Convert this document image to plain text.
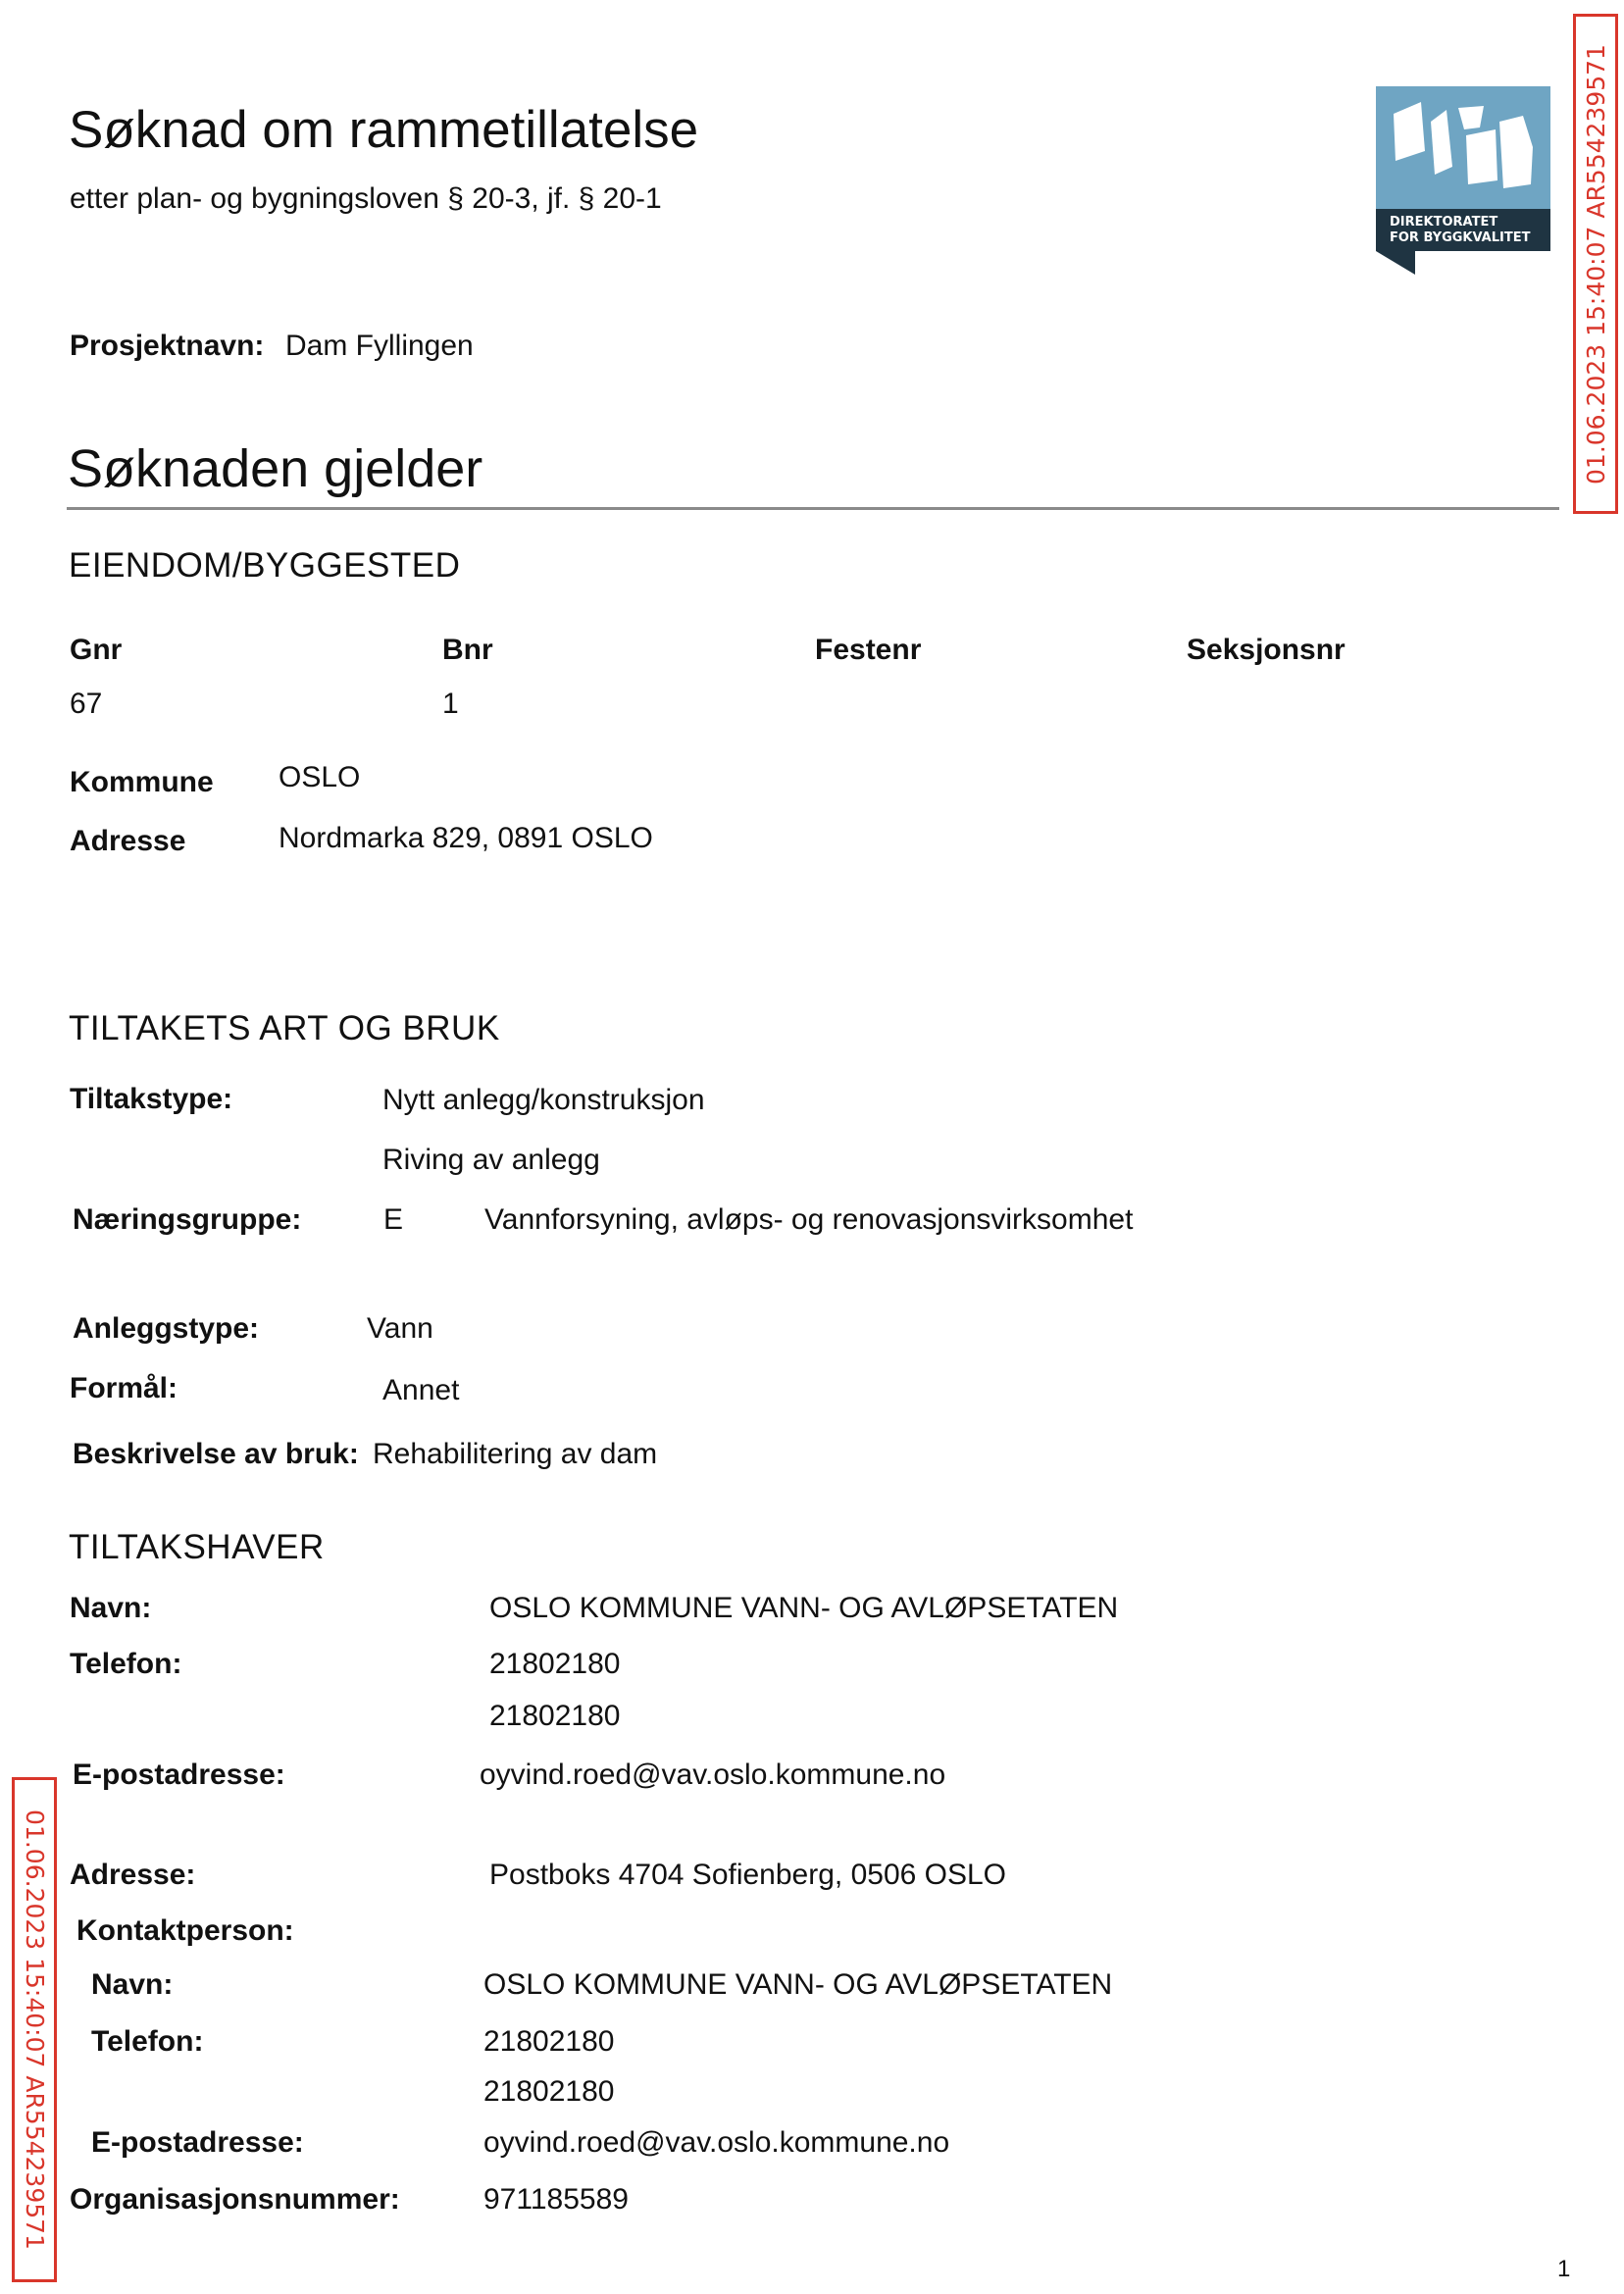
Søknad om rammetillatelse
etter plan- og bygningsloven § 20-3, jf. § 20-1
DIREKTORATET
FOR BYGGKVALITET 01.06.2023 15:40:07 AR554239571
01.06.2023 15:40:07 AR554239571
Prosjektnavn: Dam Fyllingen
Søknaden gjelder
EIENDOM/BYGGESTED
Gnr	Bnr	Festenr	Seksjonsnr
67	1
Kommune OSLO
Adresse	Nordmarka 829, 0891 OSLO
TILTAKETS ART OG BRUK
Tiltakstype:	Nytt anlegg/konstruksjon
Riving av anlegg
Næringsgruppe:	E	Vannforsyning, avløps- og renovasjonsvirksomhet
Anleggstype:	Vann
Formål:	Annet
Beskrivelse av bruk: Rehabilitering av dam
TILTAKSHAVER
Navn:	OSLO KOMMUNE VANN- OG AVLØPSETATEN
Telefon:	21802180
21802180
E-postadresse:	oyvind.roed@vav.oslo.kommune.no
Adresse:	Postboks 4704 Sofienberg, 0506 OSLO
Kontaktperson:
Navn:	OSLO KOMMUNE VANN- OG AVLØPSETATEN
Telefon:	21802180
21802180
E-postadresse:	oyvind.roed@vav.oslo.kommune.no
Organisasjonsnummer:	971185589
1
